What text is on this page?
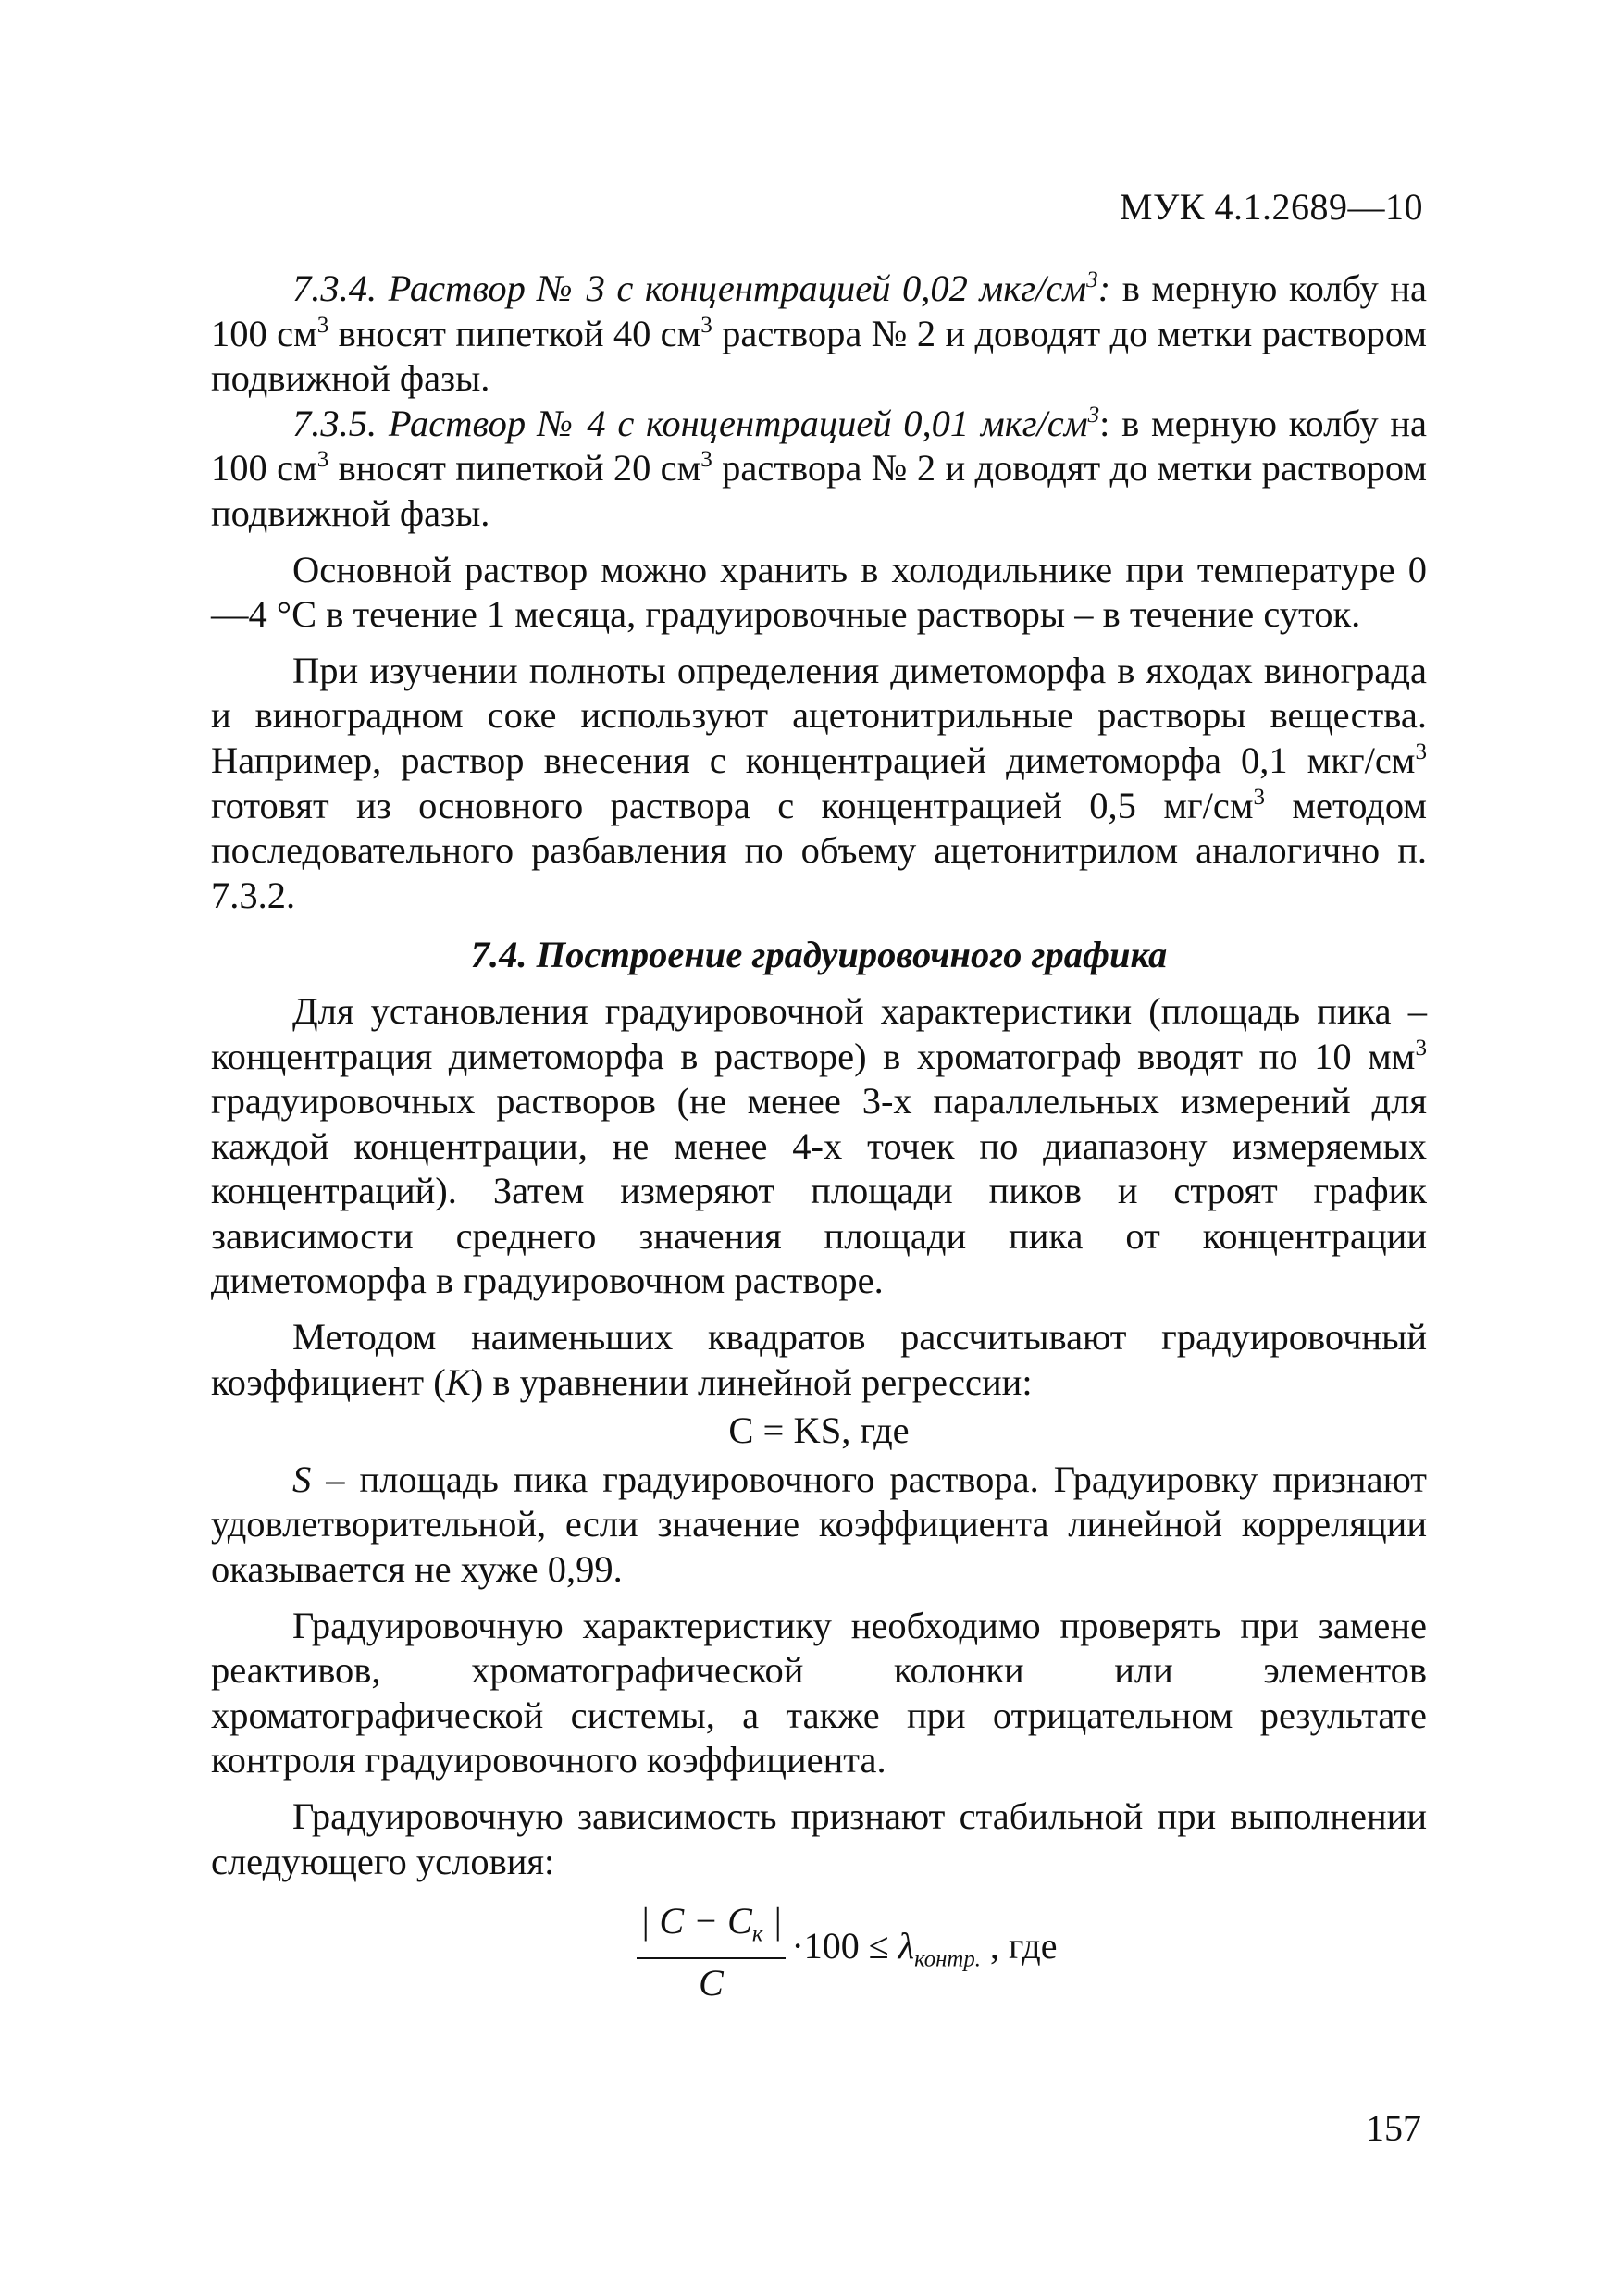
МУК 4.1.2689—10

7.3.4. Раствор № 3 с концентрацией 0,02 мкг/$см^3$: в мерную колбу на 100 $см^3$ вносят пипеткой 40 $см^3$ раствора № 2 и доводят до метки раствором подвижной фазы.

7.3.5. Раствор № 4 с концентрацией 0,01 мкг/$см^3$: в мерную колбу на 100 $см^3$ вносят пипеткой 20 $см^3$ раствора № 2 и доводят до метки раствором подвижной фазы.

Основной раствор можно хранить в холодильнике при температуре 0—4 °С в течение 1 месяца, градуировочные растворы – в течение суток.

При изучении полноты определения диметоморфа в яходах винограда и виноградном соке используют ацетонитрильные растворы вещества. Например, раствор внесения с концентрацией диметоморфа 0,1 мкг/$см^3$ готовят из основного раствора с концентрацией 0,5 $мг/см^3$ методом последовательного разбавления по объему ацетонитрилом аналогично п. 7.3.2.

7.4. Построение градуировочного графика

Для установления градуировочной характеристики (площадь пика – концентрация диметоморфа в растворе) в хроматограф вводят по 10 $мм^3$ градуировочных растворов (не менее 3-х параллельных измерений для каждой концентрации, не менее 4-х точек по диапазону измеряемых концентраций). Затем измеряют площади пиков и строят график зависимости среднего значения площади пика от концентрации диметоморфа в градуировочном растворе.

Методом наименьших квадратов рассчитывают градуировочный коэффициент (K) в уравнении линейной регрессии:

С = KS, где

S – площадь пика градуировочного раствора. Градуировку признают удовлетворительной, если значение коэффициента линейной корреляции оказывается не хуже 0,99.

Градуировочную характеристику необходимо проверять при замене реактивов, хроматографической колонки или элементов хроматографической системы, а также при отрицательном результате контроля градуировочного коэффициента.

Градуировочную зависимость признают стабильной при выполнении следующего условия:

$\frac{| C - C_к |}{C} \cdot 100 \le \lambda_{контр.}$ , где
157
